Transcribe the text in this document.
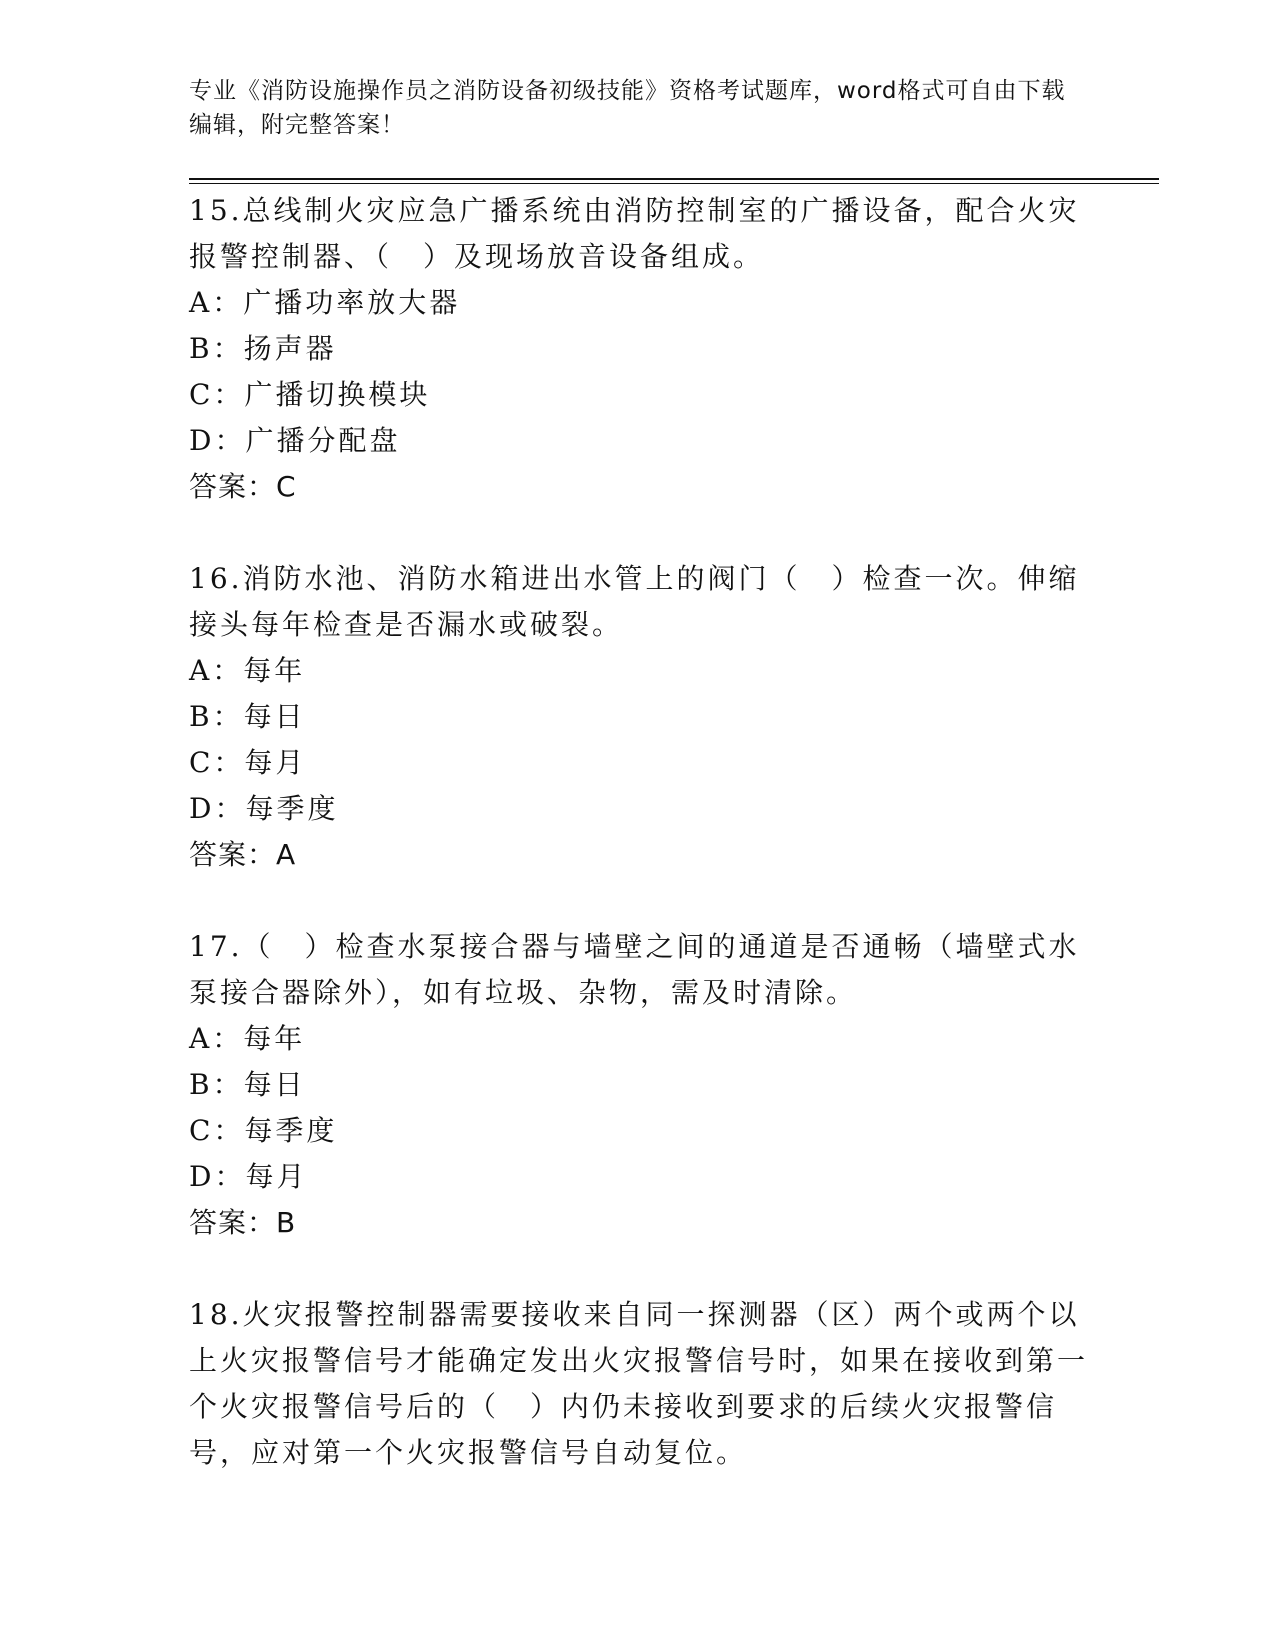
专业《消防设施操作员之消防设备初级技能》资格考试题库，word格式可自由下载编辑，附完整答案！

15.总线制火灾应急广播系统由消防控制室的广播设备，配合火灾报警控制器、（　）及现场放音设备组成。

A：广播功率放大器

B：扬声器

C：广播切换模块

D：广播分配盘

答案：C

16.消防水池、消防水箱进出水管上的阀门（　）检查一次。伸缩接头每年检查是否漏水或破裂。

A：每年

B：每日

C：每月

D：每季度

答案：A

17.（　）检查水泵接合器与墙壁之间的通道是否通畅（墙壁式水泵接合器除外），如有垃圾、杂物，需及时清除。

A：每年

B：每日

C：每季度

D：每月

答案：B

18.火灾报警控制器需要接收来自同一探测器（区）两个或两个以上火灾报警信号才能确定发出火灾报警信号时，如果在接收到第一个火灾报警信号后的（　）内仍未接收到要求的后续火灾报警信号，应对第一个火灾报警信号自动复位。
